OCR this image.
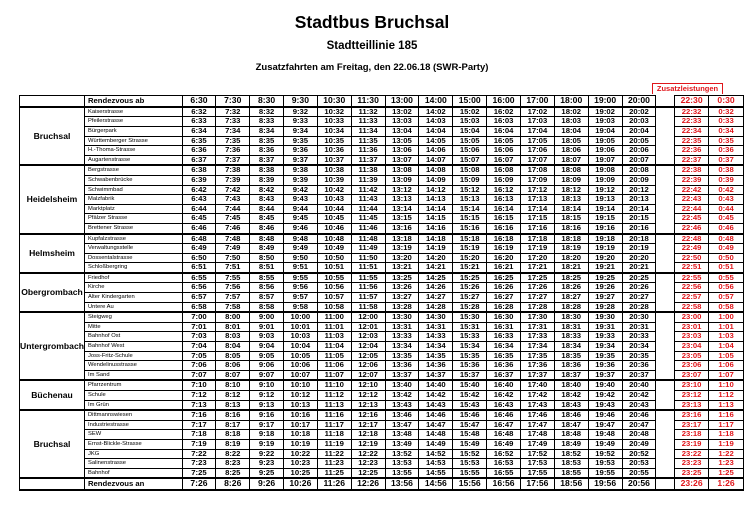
Stadtbus Bruchsal
Stadtteillinie 185
Zusatzfahrten am Freitag, den 22.06.18 (SWR-Party)
Zusatzleistungen
	Rendezvous ab	6:30	7:30	8:30	9:30	10:30	11:30	13:00	14:00	15:00	16:00	17:00	18:00	19:00	20:00		22:30	0:30
Bruchsal	Kaiserstrasse	6:32	7:32	8:32	9:32	10:32	11:32	13:02	14:02	15:02	16:02	17:02	18:02	19:02	20:02		22:32	0:32
	Pfeilerstrasse	6:33	7:33	8:33	9:33	10:33	11:33	13:03	14:03	15:03	16:03	17:03	18:03	19:03	20:03		22:33	0:33
	Bürgerpark	6:34	7:34	8:34	9:34	10:34	11:34	13:04	14:04	15:04	16:04	17:04	18:04	19:04	20:04		22:34	0:34
	Württemberger Strasse	6:35	7:35	8:35	9:35	10:35	11:35	13:05	14:05	15:05	16:05	17:05	18:05	19:05	20:05		22:35	0:35
	H.-Thoma-Strasse	6:36	7:36	8:36	9:36	10:36	11:36	13:06	14:06	15:06	16:06	17:06	18:06	19:06	20:06		22:36	0:36
	Augartenstrasse	6:37	7:37	8:37	9:37	10:37	11:37	13:07	14:07	15:07	16:07	17:07	18:07	19:07	20:07		22:37	0:37
Heidelsheim	Bergstrasse	6:38	7:38	8:38	9:38	10:38	11:38	13:08	14:08	15:08	16:08	17:08	18:08	19:08	20:08		22:38	0:38
	Schwabenbrücke	6:39	7:39	8:39	9:39	10:39	11:39	13:09	14:09	15:09	16:09	17:09	18:09	19:09	20:09		22:39	0:39
	Schwimmbad	6:42	7:42	8:42	9:42	10:42	11:42	13:12	14:12	15:12	16:12	17:12	18:12	19:12	20:12		22:42	0:42
	Malzfabrik	6:43	7:43	8:43	9:43	10:43	11:43	13:13	14:13	15:13	16:13	17:13	18:13	19:13	20:13		22:43	0:43
	Marktplatz	6:44	7:44	8:44	9:44	10:44	11:44	13:14	14:14	15:14	16:14	17:14	18:14	19:14	20:14		22:44	0:44
	Pfälzer Strasse	6:45	7:45	8:45	9:45	10:45	11:45	13:15	14:15	15:15	16:15	17:15	18:15	19:15	20:15		22:45	0:45
	Brettener Strasse	6:46	7:46	8:46	9:46	10:46	11:46	13:16	14:16	15:16	16:16	17:16	18:16	19:16	20:16		22:46	0:46
Helmsheim	Kupfalzstrasse	6:48	7:48	8:48	9:48	10:48	11:48	13:18	14:18	15:18	16:18	17:18	18:18	19:18	20:18		22:48	0:48
	Verwaltungsstelle	6:49	7:49	8:49	9:49	10:49	11:49	13:19	14:19	15:19	16:19	17:19	18:19	19:19	20:19		22:49	0:49
	Dossentalstrasse	6:50	7:50	8:50	9:50	10:50	11:50	13:20	14:20	15:20	16:20	17:20	18:20	19:20	20:20		22:50	0:50
	Schloßbergring	6:51	7:51	8:51	9:51	10:51	11:51	13:21	14:21	15:21	16:21	17:21	18:21	19:21	20:21		22:51	0:51
Obergrombach	Friedhof	6:55	7:55	8:55	9:55	10:55	11:55	13:25	14:25	15:25	16:25	17:25	18:25	19:25	20:25		22:55	0:55
	Kirche	6:56	7:56	8:56	9:56	10:56	11:56	13:26	14:26	15:26	16:26	17:26	18:26	19:26	20:26		22:56	0:56
	Alter Kindergarten	6:57	7:57	8:57	9:57	10:57	11:57	13:27	14:27	15:27	16:27	17:27	18:27	19:27	20:27		22:57	0:57
	Untere Au	6:58	7:58	8:58	9:58	10:58	11:58	13:28	14:28	15:28	16:28	17:28	18:28	19:28	20:28		22:58	0:58
Untergrombach	Steigweg	7:00	8:00	9:00	10:00	11:00	12:00	13:30	14:30	15:30	16:30	17:30	18:30	19:30	20:30		23:00	1:00
	Mitte	7:01	8:01	9:01	10:01	11:01	12:01	13:31	14:31	15:31	16:31	17:31	18:31	19:31	20:31		23:01	1:01
	Bahnhof Ost	7:03	8:03	9:03	10:03	11:03	12:03	13:33	14:33	15:33	16:33	17:33	18:33	19:33	20:33		23:03	1:03
	Bahnhof West	7:04	8:04	9:04	10:04	11:04	12:04	13:34	14:34	15:34	16:34	17:34	18:34	19:34	20:34		23:04	1:04
	Joss-Fritz-Schule	7:05	8:05	9:05	10:05	11:05	12:05	13:35	14:35	15:35	16:35	17:35	18:35	19:35	20:35		23:05	1:05
	Wendelinusstrasse	7:06	8:06	9:06	10:06	11:06	12:06	13:36	14:36	15:36	16:36	17:36	18:36	19:36	20:36		23:06	1:06
	Im Sand	7:07	8:07	9:07	10:07	11:07	12:07	13:37	14:37	15:37	16:37	17:37	18:37	19:37	20:37		23:07	1:07
Büchenau	Pfarrzentrum	7:10	8:10	9:10	10:10	11:10	12:10	13:40	14:40	15:40	16:40	17:40	18:40	19:40	20:40		23:10	1:10
	Schule	7:12	8:12	9:12	10:12	11:12	12:12	13:42	14:42	15:42	16:42	17:42	18:42	19:42	20:42		23:12	1:12
	Im Grün	7:13	8:13	9:13	10:13	11:13	12:13	13:43	14:43	15:43	16:43	17:43	18:43	19:43	20:43		23:13	1:13
Bruchsal	Dittmannswiesen	7:16	8:16	9:16	10:16	11:16	12:16	13:46	14:46	15:46	16:46	17:46	18:46	19:46	20:46		23:16	1:16
	Industriestrasse	7:17	8:17	9:17	10:17	11:17	12:17	13:47	14:47	15:47	16:47	17:47	18:47	19:47	20:47		23:17	1:17
	SEW	7:18	8:18	9:18	10:18	11:18	12:18	13:48	14:48	15:48	16:48	17:48	18:48	19:48	20:48		23:18	1:18
	Ernst-Blickle-Strasse	7:19	8:19	9:19	10:19	11:19	12:19	13:49	14:49	15:49	16:49	17:49	18:49	19:49	20:49		23:19	1:19
	JKG	7:22	8:22	9:22	10:22	11:22	12:22	13:52	14:52	15:52	16:52	17:52	18:52	19:52	20:52		23:22	1:22
	Salinenstrasse	7:23	8:23	9:23	10:23	11:23	12:23	13:53	14:53	15:53	16:53	17:53	18:53	19:53	20:53		23:23	1:23
	Bahnhof	7:25	8:25	9:25	10:25	11:25	12:25	13:55	14:55	15:55	16:55	17:55	18:55	19:55	20:55		23:25	1:25
	Rendezvous an	7:26	8:26	9:26	10:26	11:26	12:26	13:56	14:56	15:56	16:56	17:56	18:56	19:56	20:56		23:26	1:26
